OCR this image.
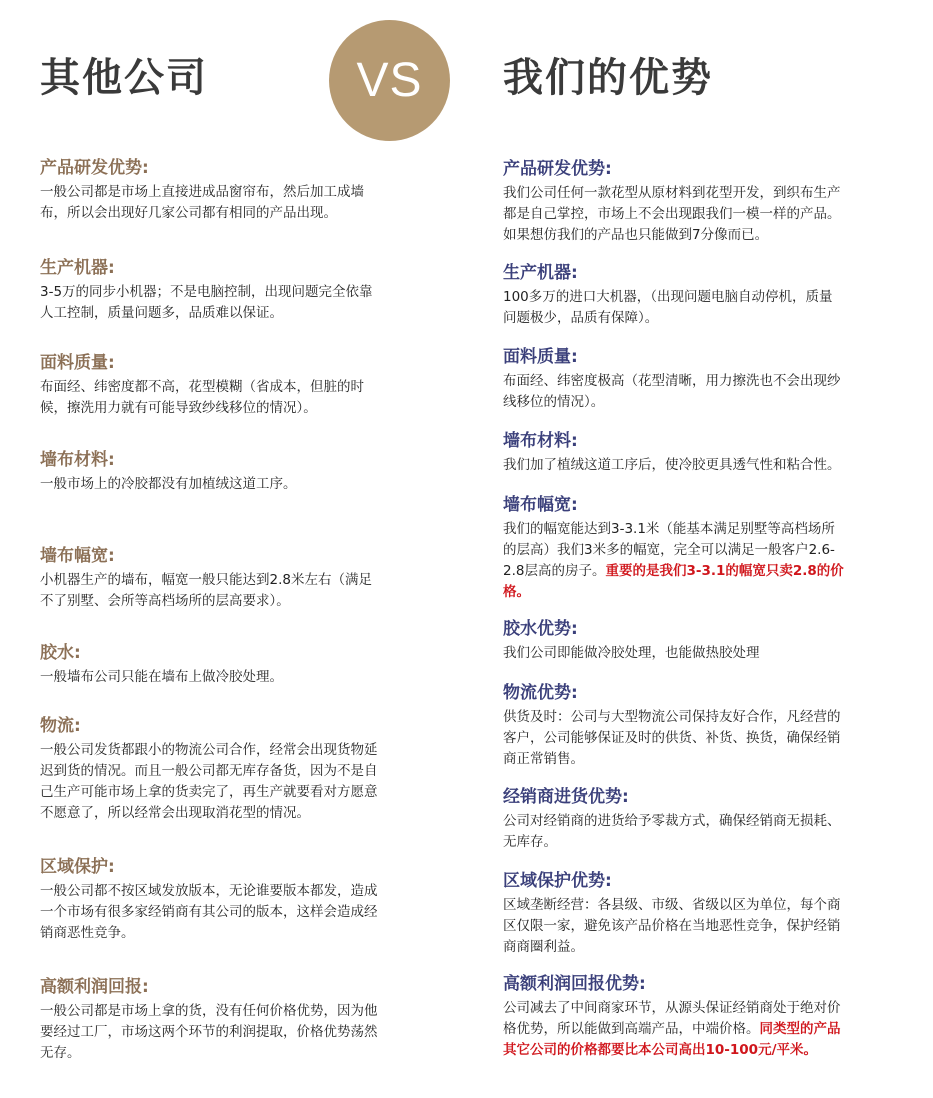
其他公司	VS	我们的优势
产品研发优势:

一般公司都是市场上直接进成品窗帘布，然后加工成墙
布，所以会出现好几家公司都有相同的产品出现。

生产机器:

3-5万的同步小机器；不是电脑控制，出现问题完全依靠
人工控制，质量问题多，品质难以保证。

面料质量:

布面经、纬密度都不高，花型模糊（省成本，但脏的时
候，擦洗用力就有可能导致纱线移位的情况）。

墙布材料:

一般市场上的冷胶都没有加植绒这道工序。

墙布幅宽:

小机器生产的墙布，幅宽一般只能达到2.8米左右（满足
不了别墅、会所等高档场所的层高要求）。

胶水:

一般墙布公司只能在墙布上做冷胶处理。

物流:

一般公司发货都跟小的物流公司合作，经常会出现货物延
迟到货的情况。而且一般公司都无库存备货，因为不是自
己生产可能市场上拿的货卖完了，再生产就要看对方愿意
不愿意了，所以经常会出现取消花型的情况。

区域保护:

一般公司都不按区域发放版本，无论谁要版本都发，造成
一个市场有很多家经销商有其公司的版本，这样会造成经
销商恶性竞争。

高额利润回报:

一般公司都是市场上拿的货，没有任何价格优势，因为他
要经过工厂，市场这两个环节的利润提取，价格优势荡然
无存。

产品研发优势:

我们公司任何一款花型从原材料到花型开发，到织布生产
都是自己掌控，市场上不会出现跟我们一模一样的产品。
如果想仿我们的产品也只能做到7分像而已。

生产机器:

100多万的进口大机器，（出现问题电脑自动停机，质量
问题极少，品质有保障）。

面料质量:

布面经、纬密度极高（花型清晰，用力擦洗也不会出现纱
线移位的情况）。

墙布材料:

我们加了植绒这道工序后，使冷胶更具透气性和粘合性。

墙布幅宽:

我们的幅宽能达到3-3.1米（能基本满足别墅等高档场所
的层高）我们3米多的幅宽，完全可以满足一般客户2.6-
2.8层高的房子。重要的是我们3-3.1的幅宽只卖2.8的价
格。

胶水优势:

我们公司即能做冷胶处理，也能做热胶处理

物流优势:

供货及时：公司与大型物流公司保持友好合作，凡经营的
客户，公司能够保证及时的供货、补货、换货，确保经销
商正常销售。

经销商进货优势:

公司对经销商的进货给予零裁方式，确保经销商无损耗、
无库存。

区域保护优势:

区域垄断经营：各县级、市级、省级以区为单位，每个商
区仅限一家，避免该产品价格在当地恶性竞争，保护经销
商商圈利益。

高额利润回报优势:

公司减去了中间商家环节，从源头保证经销商处于绝对价
格优势，所以能做到高端产品，中端价格。同类型的产品
其它公司的价格都要比本公司高出10-100元/平米。
